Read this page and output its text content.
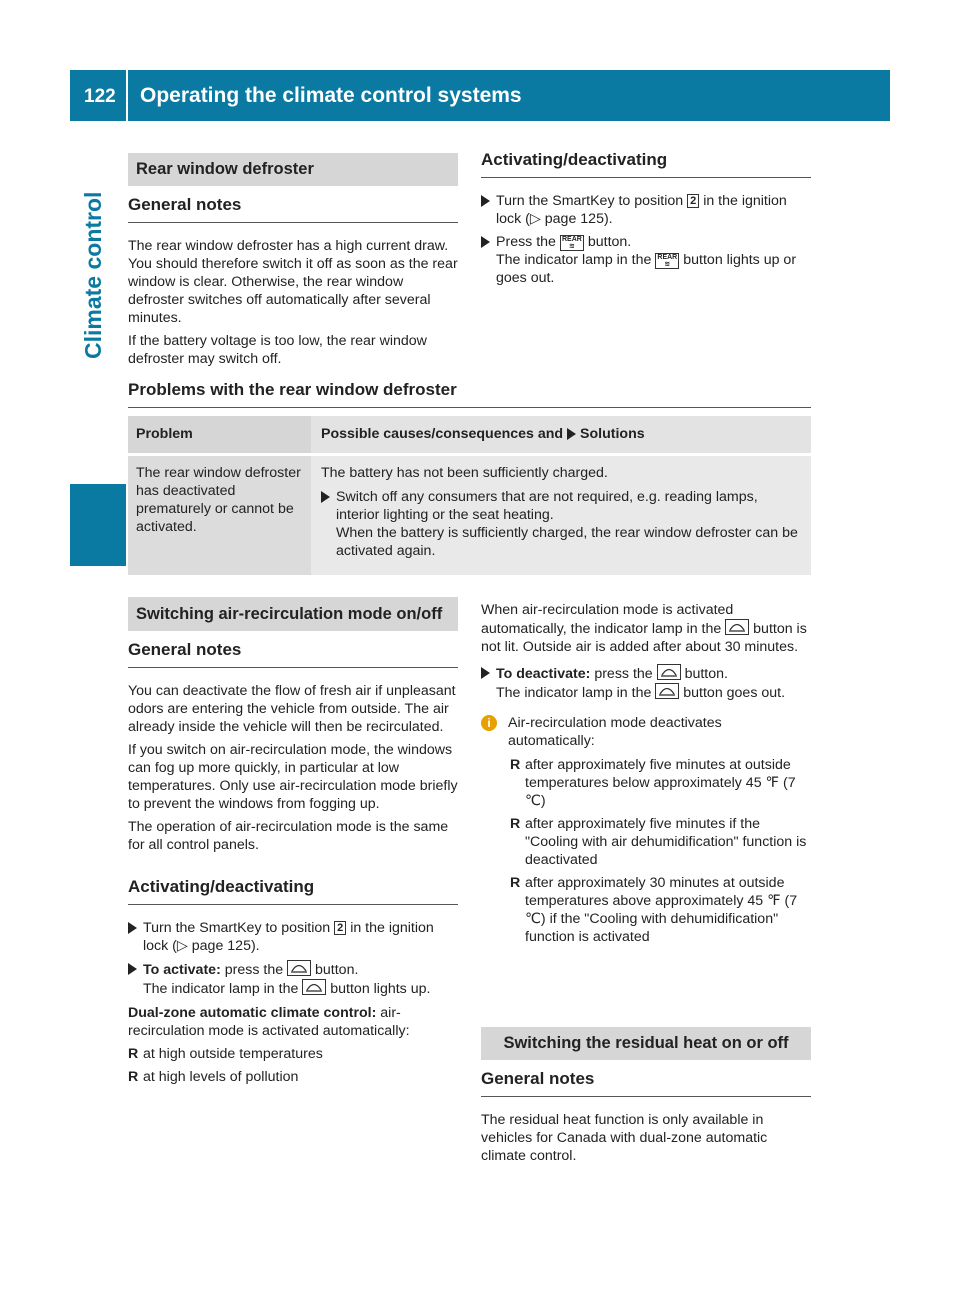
122 Operating the climate control systems
Climate control
Rear window defroster
General notes

The rear window defroster has a high current draw. You should therefore switch it off as soon as the rear window is clear. Otherwise, the rear window defroster switches off automatically after several minutes.

If the battery voltage is too low, the rear window defroster may switch off.

Activating/deactivating
Turn the SmartKey to position 2 in the ignition lock (▷ page 125).
Press the REAR
≋ button.
The indicator lamp in the REAR
≋ button lights up or goes out.
Problems with the rear window defroster
Problem	Possible causes/consequences and Solutions
The rear window defroster has deactivated prematurely or cannot be activated.

The battery has not been sufficiently charged.

Switch off any consumers that are not required, e.g. reading lamps, interior lighting or the seat heating.
When the battery is sufficiently charged, the rear window defroster can be activated again.
Switching air-recirculation mode on/off
General notes

You can deactivate the flow of fresh air if unpleasant odors are entering the vehicle from outside. The air already inside the vehicle will then be recirculated.

If you switch on air-recirculation mode, the windows can fog up more quickly, in particular at low temperatures. Only use air-recirculation mode briefly to prevent the windows from fogging up.

The operation of air-recirculation mode is the same for all control panels.

Activating/deactivating
Turn the SmartKey to position 2 in the ignition lock (▷ page 125).
To activate: press the button.
The indicator lamp in the button lights up.

Dual-zone automatic climate control: air-recirculation mode is activated automatically:

R at high outside temperatures
R at high levels of pollution

When air-recirculation mode is activated automatically, the indicator lamp in the button is not lit. Outside air is added after about 30 minutes.

To deactivate: press the button.
The indicator lamp in the button goes out.
i	Air-recirculation mode deactivates automatically:
R after approximately five minutes at outside temperatures below approximately 45 ℉ (7 ℃)
R after approximately five minutes if the "Cooling with air dehumidification" function is deactivated
R after approximately 30 minutes at outside temperatures above approximately 45 ℉ (7 ℃) if the "Cooling with dehumidification" function is activated
Switching the residual heat on or off
General notes

The residual heat function is only available in vehicles for Canada with dual-zone automatic climate control.
